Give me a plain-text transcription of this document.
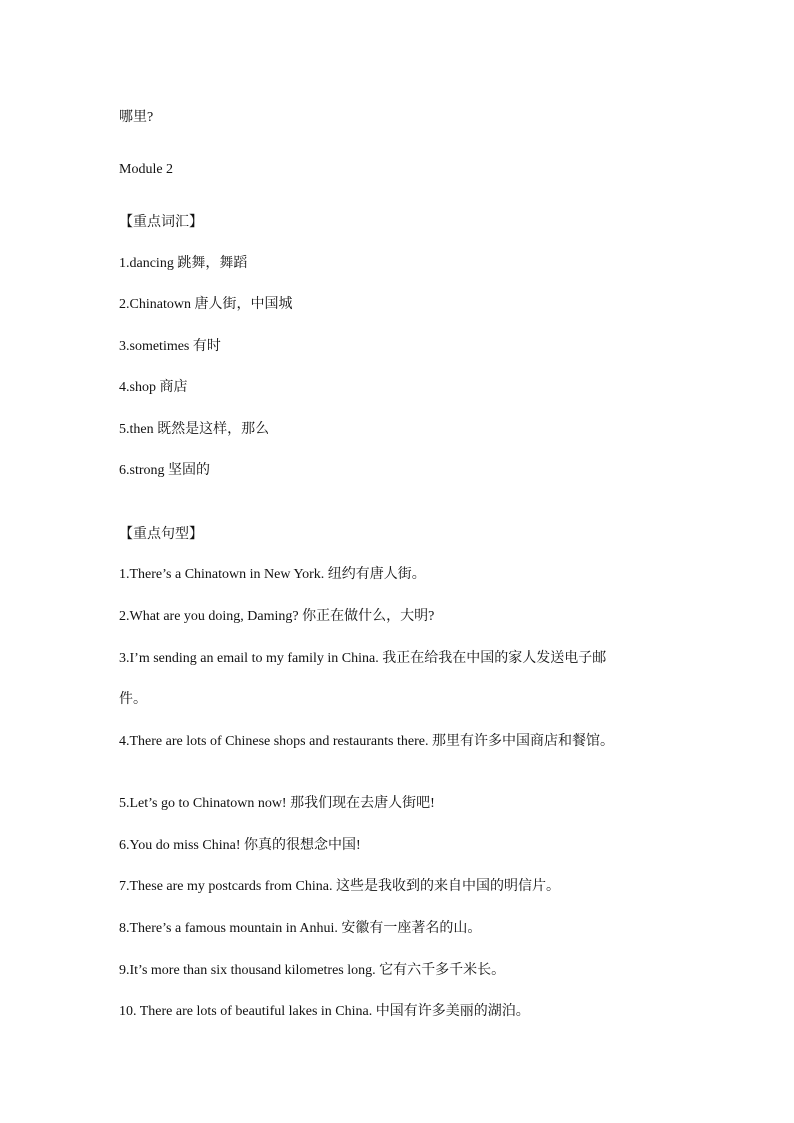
哪里?
Module 2
【重点词汇】
1.dancing 跳舞，舞蹈
2.Chinatown 唐人街，中国城
3.sometimes 有时
4.shop 商店
5.then 既然是这样，那么
6.strong 坚固的
【重点句型】
1.There’s a Chinatown in New York. 纽约有唐人街。
2.What are you doing, Daming? 你正在做什么，大明?
3.I’m sending an email to my family in China. 我正在给我在中国的家人发送电子邮
件。
4.There are lots of Chinese shops and restaurants there. 那里有许多中国商店和餐馆。
5.Let’s go to Chinatown now! 那我们现在去唐人街吧!
6.You do miss China! 你真的很想念中国!
7.These are my postcards from China. 这些是我收到的来自中国的明信片。
8.There’s a famous mountain in Anhui. 安徽有一座著名的山。
9.It’s more than six thousand kilometres long. 它有六千多千米长。
10. There are lots of beautiful lakes in China. 中国有许多美丽的湖泊。
